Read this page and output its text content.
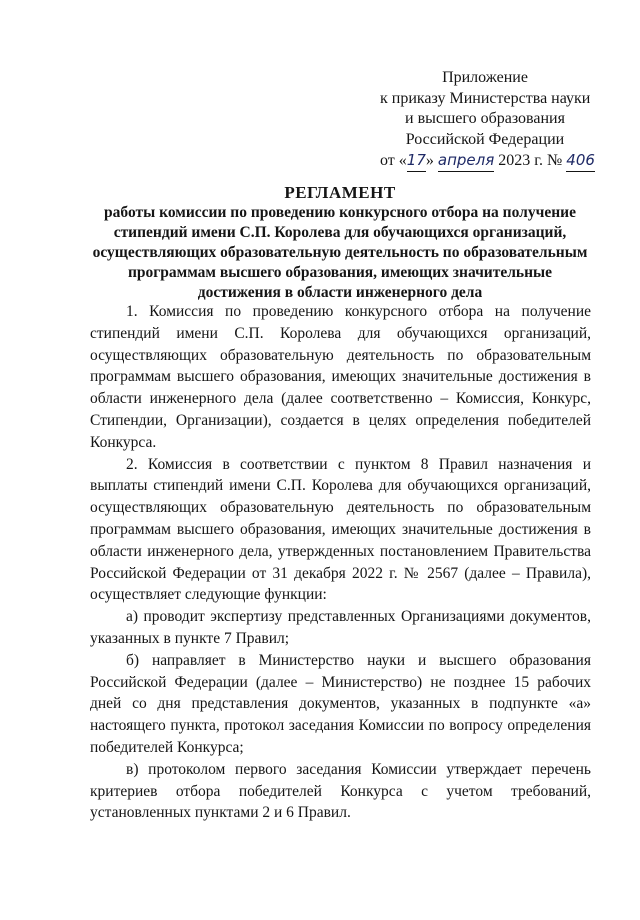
Приложение
к приказу Министерства науки
и высшего образования
Российской Федерации
от «17» апреля 2023 г. № 406
РЕГЛАМЕНТ
работы комиссии по проведению конкурсного отбора на получение стипендий имени С.П. Королева для обучающихся организаций, осуществляющих образовательную деятельность по образовательным программам высшего образования, имеющих значительные достижения в области инженерного дела

1. Комиссия по проведению конкурсного отбора на получение стипендий имени С.П. Королева для обучающихся организаций, осуществляющих образовательную деятельность по образовательным программам высшего образования, имеющих значительные достижения в области инженерного дела (далее соответственно – Комиссия, Конкурс, Стипендии, Организации), создается в целях определения победителей Конкурса.

2. Комиссия в соответствии с пунктом 8 Правил назначения и выплаты стипендий имени С.П. Королева для обучающихся организаций, осуществляющих образовательную деятельность по образовательным программам высшего образования, имеющих значительные достижения в области инженерного дела, утвержденных постановлением Правительства Российской Федерации от 31 декабря 2022 г. № 2567 (далее – Правила), осуществляет следующие функции:

а) проводит экспертизу представленных Организациями документов, указанных в пункте 7 Правил;

б) направляет в Министерство науки и высшего образования Российской Федерации (далее – Министерство) не позднее 15 рабочих дней со дня представления документов, указанных в подпункте «а» настоящего пункта, протокол заседания Комиссии по вопросу определения победителей Конкурса;

в) протоколом первого заседания Комиссии утверждает перечень критериев отбора победителей Конкурса с учетом требований, установленных пунктами 2 и 6 Правил.
